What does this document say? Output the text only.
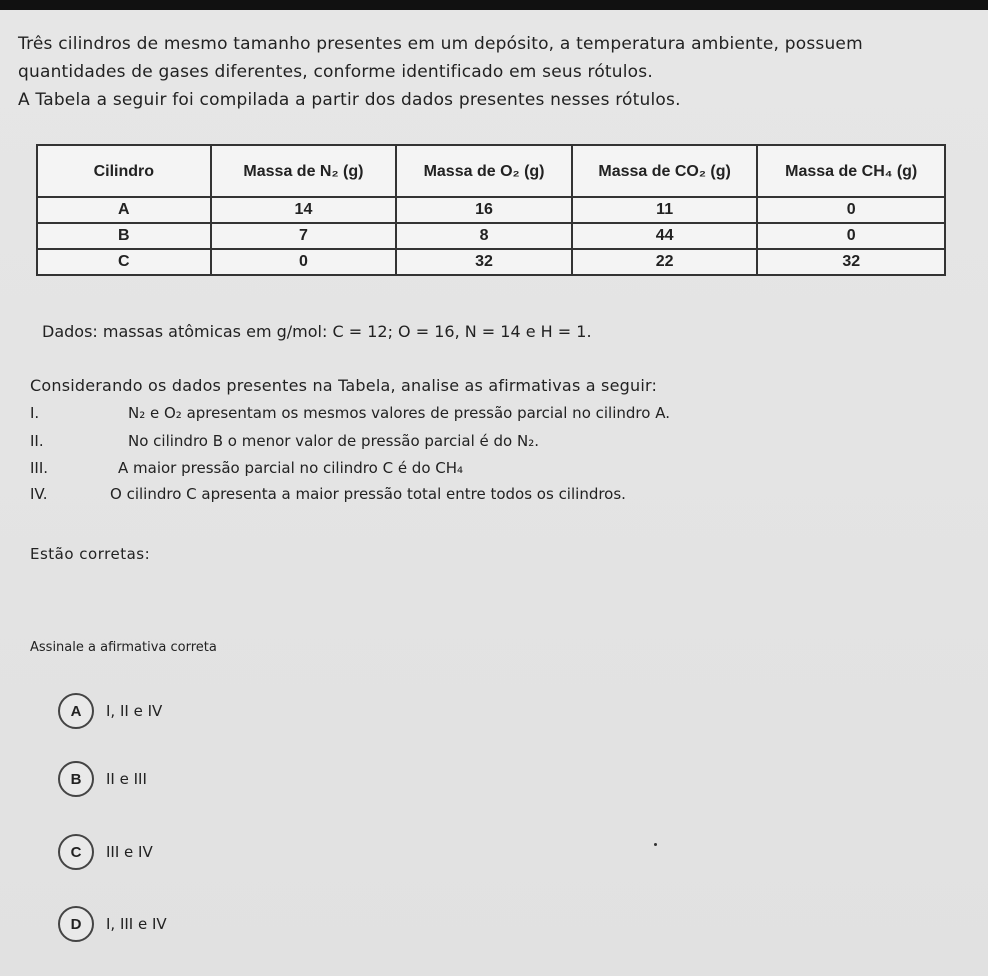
Três cilindros de mesmo tamanho presentes em um depósito, a temperatura ambiente, possuem

quantidades de gases diferentes, conforme identificado em seus rótulos.

A Tabela a seguir foi compilada a partir dos dados presentes nesses rótulos.

Cilindro	Massa de N₂ (g)	Massa de O₂ (g)	Massa de CO₂ (g)	Massa de CH₄ (g)
A	14	16	11	0
B	7	8	44	0
C	0	32	22	32
Dados: massas atômicas em g/mol: C = 12; O = 16, N = 14 e H = 1.
Considerando os dados presentes na Tabela, analise as afirmativas a seguir:
I.	N₂ e O₂ apresentam os mesmos valores de pressão parcial no cilindro A.
II.	No cilindro B o menor valor de pressão parcial é do N₂.
III.	A maior pressão parcial no cilindro C é do CH₄
IV.	O cilindro C apresenta a maior pressão total entre todos os cilindros.
Estão corretas:
Assinale a afirmativa correta
A	I, II e IV
B	II e III
C	III e IV
D	I, III e IV
